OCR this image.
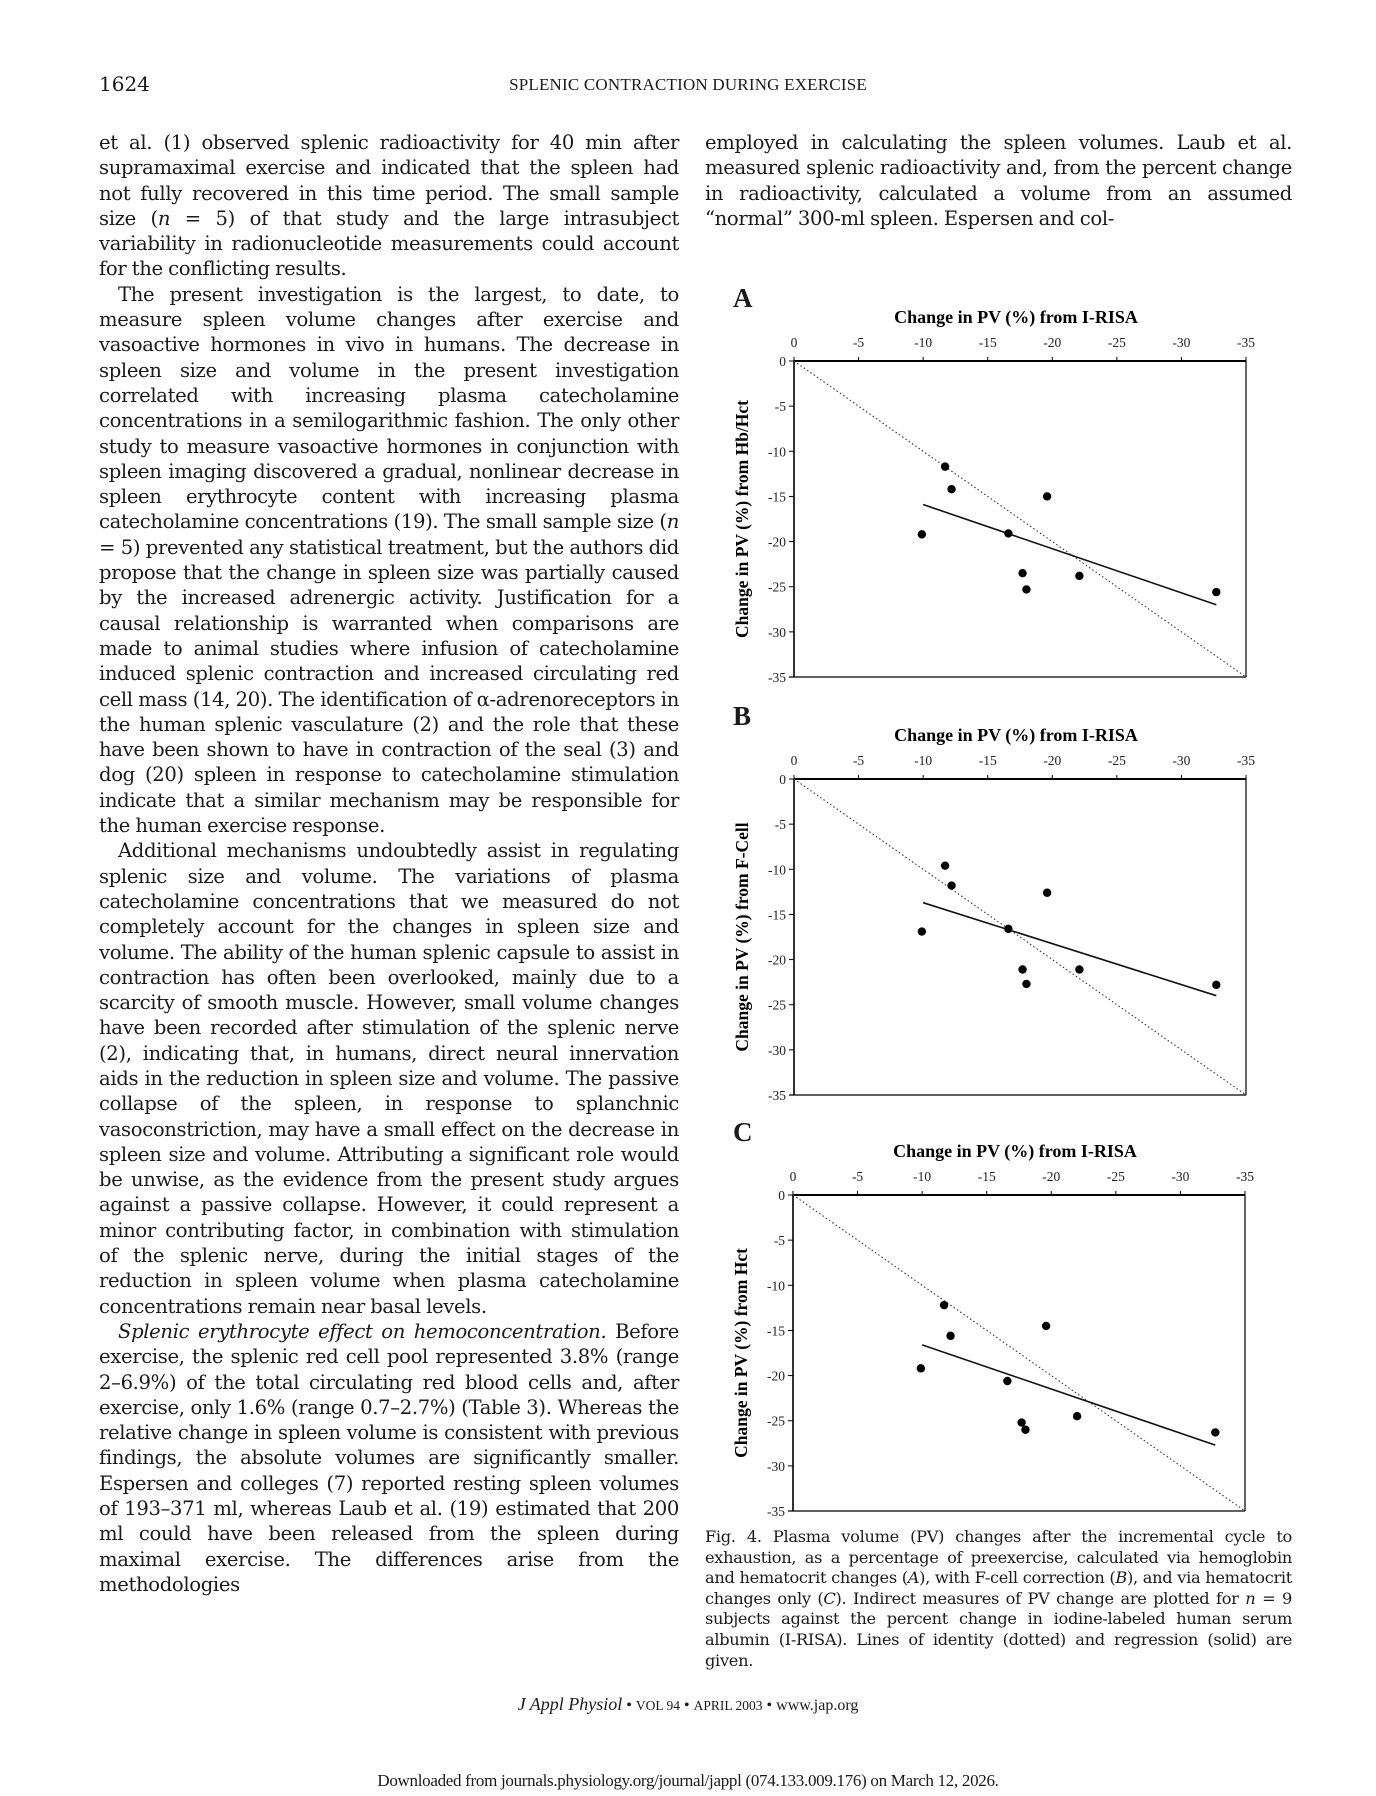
1624	SPLENIC CONTRACTION DURING EXERCISE

et al. (1) observed splenic radioactivity for 40 min after supramaximal exercise and indicated that the spleen had not fully recovered in this time period. The small sample size (n = 5) of that study and the large intrasubject variability in radionucleotide measurements could account for the conflicting results.

The present investigation is the largest, to date, to measure spleen volume changes after exercise and vasoactive hormones in vivo in humans. The decrease in spleen size and volume in the present investigation correlated with increasing plasma catecholamine concentrations in a semilogarithmic fashion. The only other study to measure vasoactive hormones in conjunction with spleen imaging discovered a gradual, nonlinear decrease in spleen erythrocyte content with increasing plasma catecholamine concentrations (19). The small sample size (n = 5) prevented any statistical treatment, but the authors did propose that the change in spleen size was partially caused by the increased adrenergic activity. Justification for a causal relationship is warranted when comparisons are made to animal studies where infusion of catecholamine induced splenic contraction and increased circulating red cell mass (14, 20). The identification of α-adrenoreceptors in the human splenic vasculature (2) and the role that these have been shown to have in contraction of the seal (3) and dog (20) spleen in response to catecholamine stimulation indicate that a similar mechanism may be responsible for the human exercise response.

Additional mechanisms undoubtedly assist in regulating splenic size and volume. The variations of plasma catecholamine concentrations that we measured do not completely account for the changes in spleen size and volume. The ability of the human splenic capsule to assist in contraction has often been overlooked, mainly due to a scarcity of smooth muscle. However, small volume changes have been recorded after stimulation of the splenic nerve (2), indicating that, in humans, direct neural innervation aids in the reduction in spleen size and volume. The passive collapse of the spleen, in response to splanchnic vasoconstriction, may have a small effect on the decrease in spleen size and volume. Attributing a significant role would be unwise, as the evidence from the present study argues against a passive collapse. However, it could represent a minor contributing factor, in combination with stimulation of the splenic nerve, during the initial stages of the reduction in spleen volume when plasma catecholamine concentrations remain near basal levels.

Splenic erythrocyte effect on hemoconcentration. Before exercise, the splenic red cell pool represented 3.8% (range 2–6.9%) of the total circulating red blood cells and, after exercise, only 1.6% (range 0.7–2.7%) (Table 3). Whereas the relative change in spleen volume is consistent with previous findings, the absolute volumes are significantly smaller. Espersen and colleges (7) reported resting spleen volumes of 193–371 ml, whereas Laub et al. (19) estimated that 200 ml could have been released from the spleen during maximal exercise. The differences arise from the methodologies

employed in calculating the spleen volumes. Laub et al. measured splenic radioactivity and, from the percent change in radioactivity, calculated a volume from an assumed “normal” 300-ml spleen. Espersen and col-

A
B
C
Change in PV (%) from I-RISA
0	-5	-10	-15	-20	-25	-30	-35
0
-5
-10
-15
-20
-25
-30
-35
Change in PV (%) from Hb/Hct
Change in PV (%) from I-RISA
0	-5	-10	-15	-20	-25	-30	-35
0
-5
-10
-15
-20
-25
-30
-35
Change in PV (%) from F-Cell
Change in PV (%) from I-RISA
0	-5	-10	-15	-20	-25	-30	-35
0
-5
-10
-15
-20
-25
-30
-35
Change in PV (%) from Hct
Fig. 4. Plasma volume (PV) changes after the incremental cycle to exhaustion, as a percentage of preexercise, calculated via hemoglobin and hematocrit changes (A), with F-cell correction (B), and via hematocrit changes only (C). Indirect measures of PV change are plotted for n = 9 subjects against the percent change in iodine-labeled human serum albumin (I-RISA). Lines of identity (dotted) and regression (solid) are given.
J Appl Physiol • VOL 94 • APRIL 2003 • www.jap.org
Downloaded from journals.physiology.org/journal/jappl (074.133.009.176) on March 12, 2026.
